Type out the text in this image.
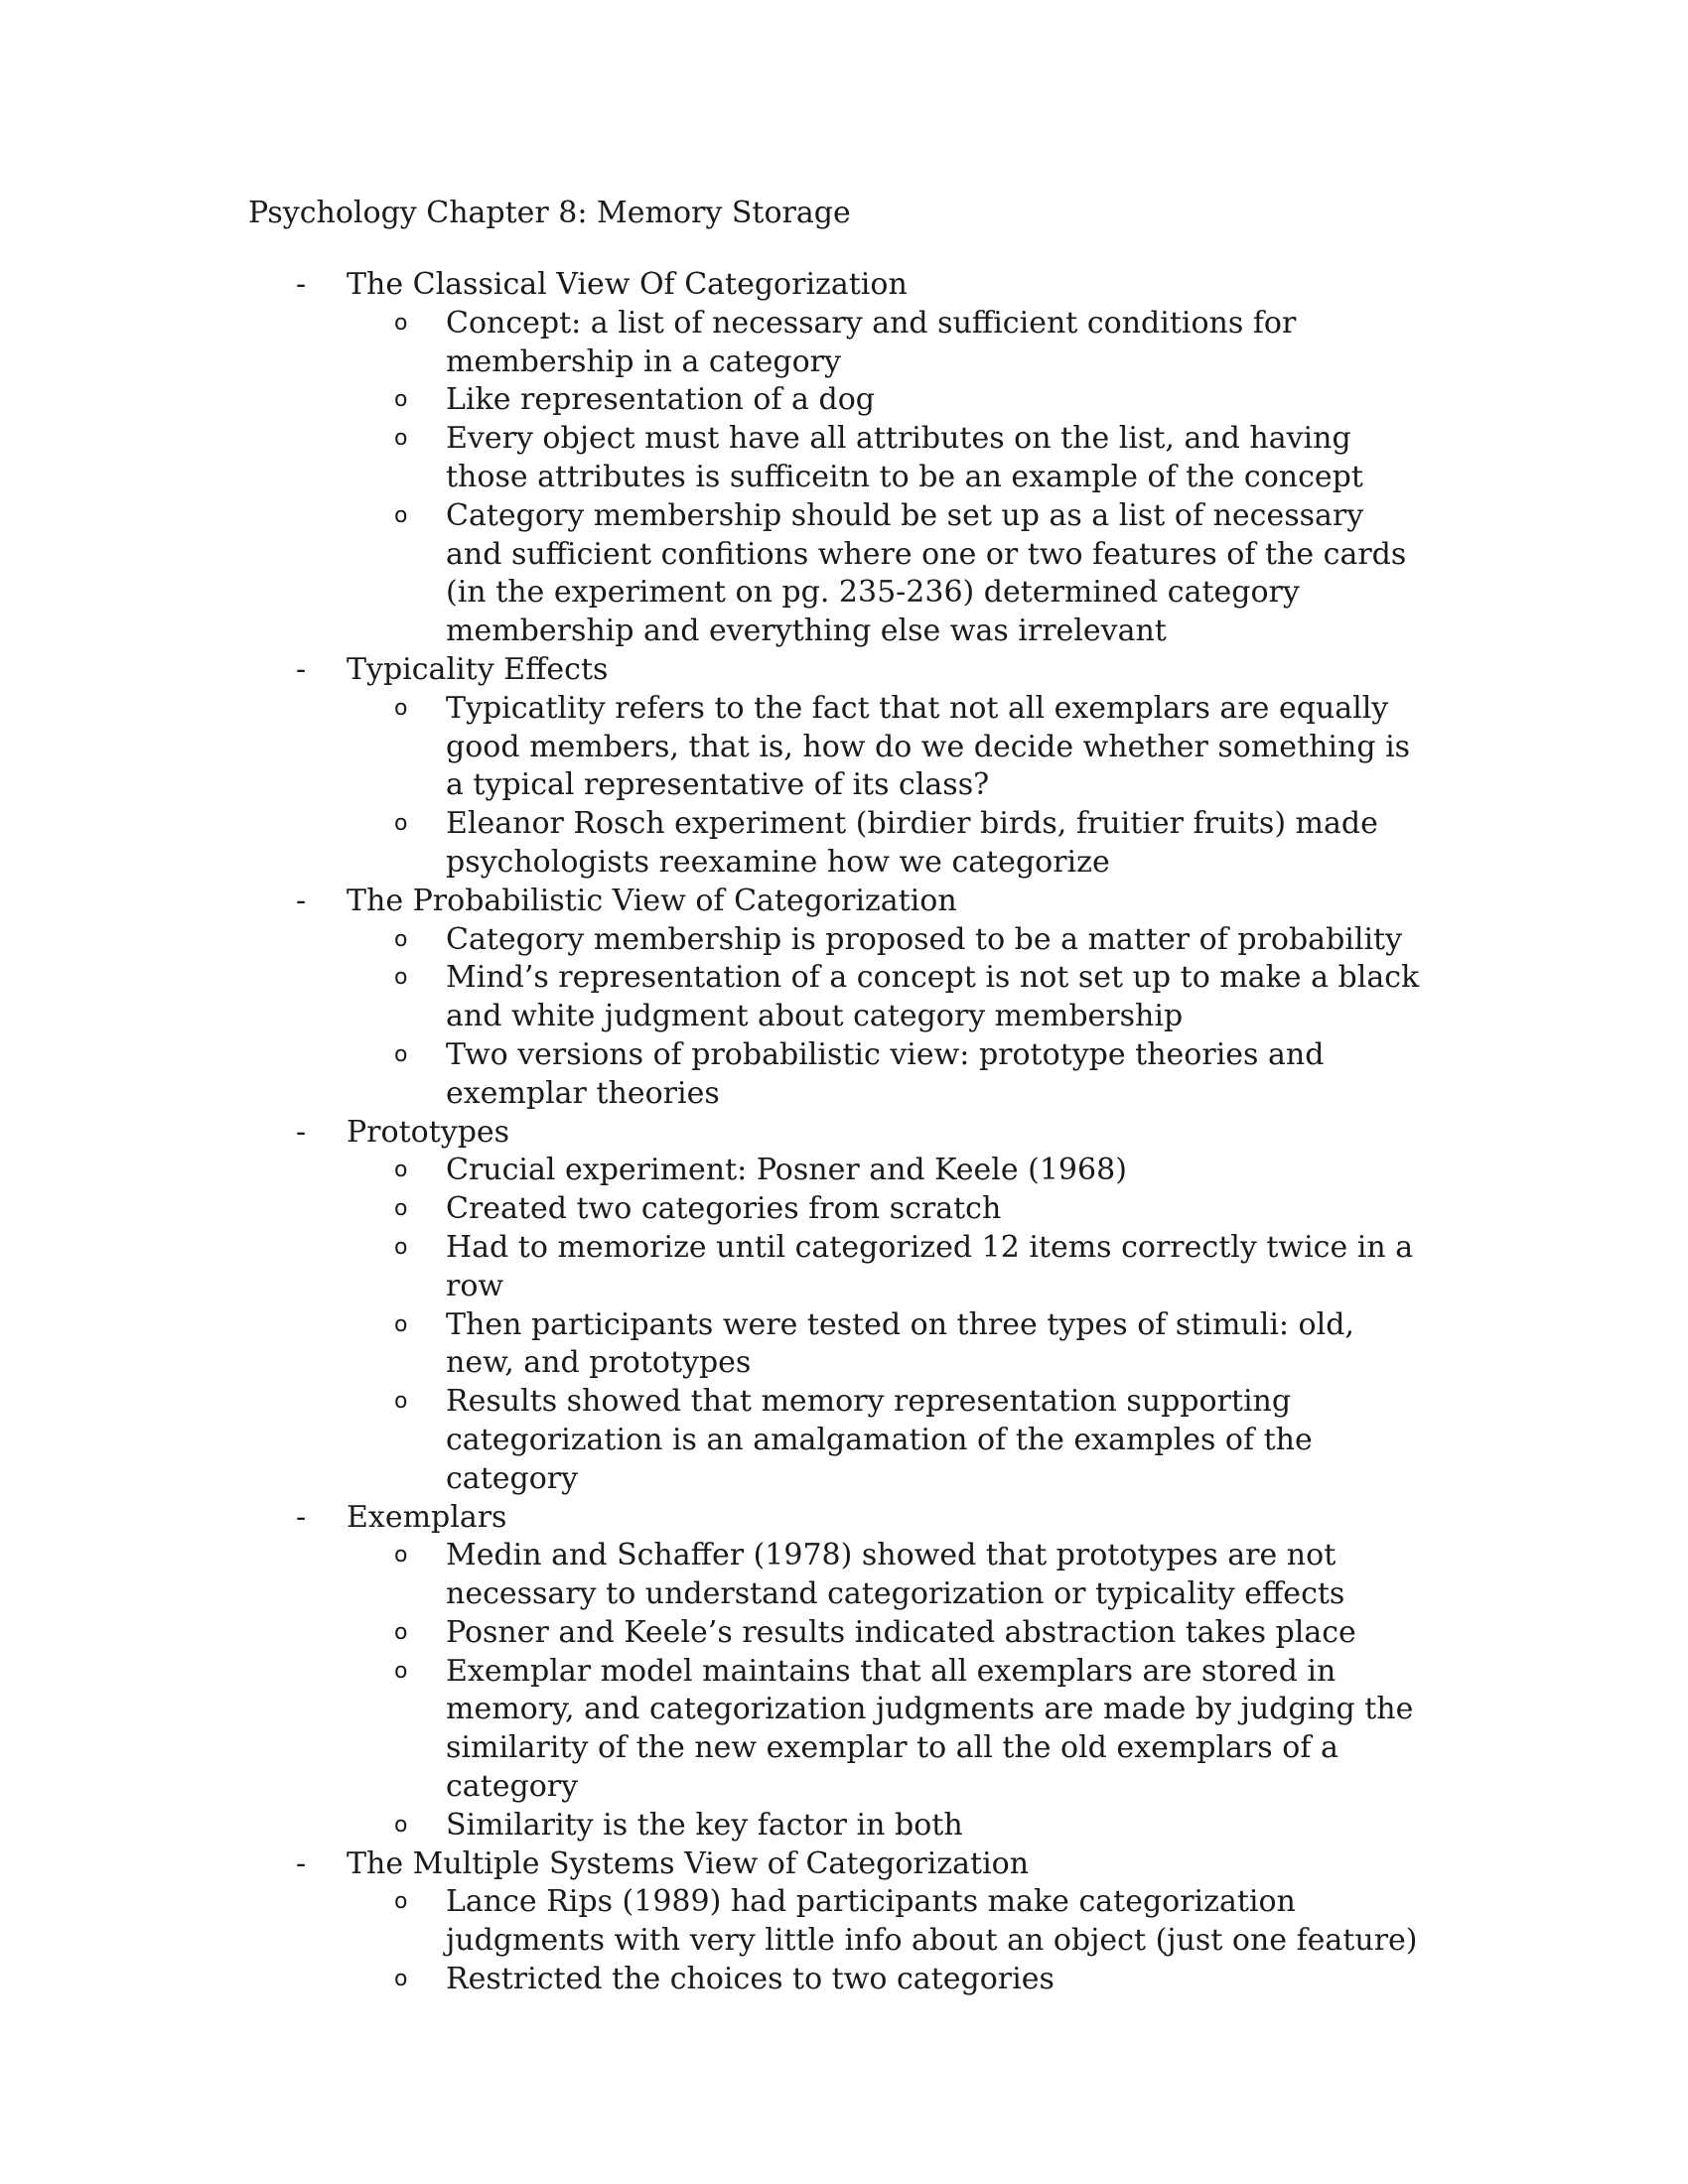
Psychology Chapter 8: Memory Storage
- The Classical View Of Categorization
o Concept: a list of necessary and sufficient conditions for membership in a category
o Like representation of a dog
o Every object must have all attributes on the list, and having those attributes is sufficeitn to be an example of the concept
o Category membership should be set up as a list of necessary and sufficient confitions where one or two features of the cards (in the experiment on pg. 235-236) determined category membership and everything else was irrelevant
- Typicality Effects
o Typicatlity refers to the fact that not all exemplars are equally good members, that is, how do we decide whether something is a typical representative of its class?
o Eleanor Rosch experiment (birdier birds, fruitier fruits) made psychologists reexamine how we categorize
- The Probabilistic View of Categorization
o Category membership is proposed to be a matter of probability
o Mind’s representation of a concept is not set up to make a black and white judgment about category membership
o Two versions of probabilistic view: prototype theories and exemplar theories
- Prototypes
o Crucial experiment: Posner and Keele (1968)
o Created two categories from scratch
o Had to memorize until categorized 12 items correctly twice in a row
o Then participants were tested on three types of stimuli: old, new, and prototypes
o Results showed that memory representation supporting categorization is an amalgamation of the examples of the category
- Exemplars
o Medin and Schaffer (1978) showed that prototypes are not necessary to understand categorization or typicality effects
o Posner and Keele’s results indicated abstraction takes place
o Exemplar model maintains that all exemplars are stored in memory, and categorization judgments are made by judging the similarity of the new exemplar to all the old exemplars of a category
o Similarity is the key factor in both
- The Multiple Systems View of Categorization
o Lance Rips (1989) had participants make categorization judgments with very little info about an object (just one feature)
o Restricted the choices to two categories
